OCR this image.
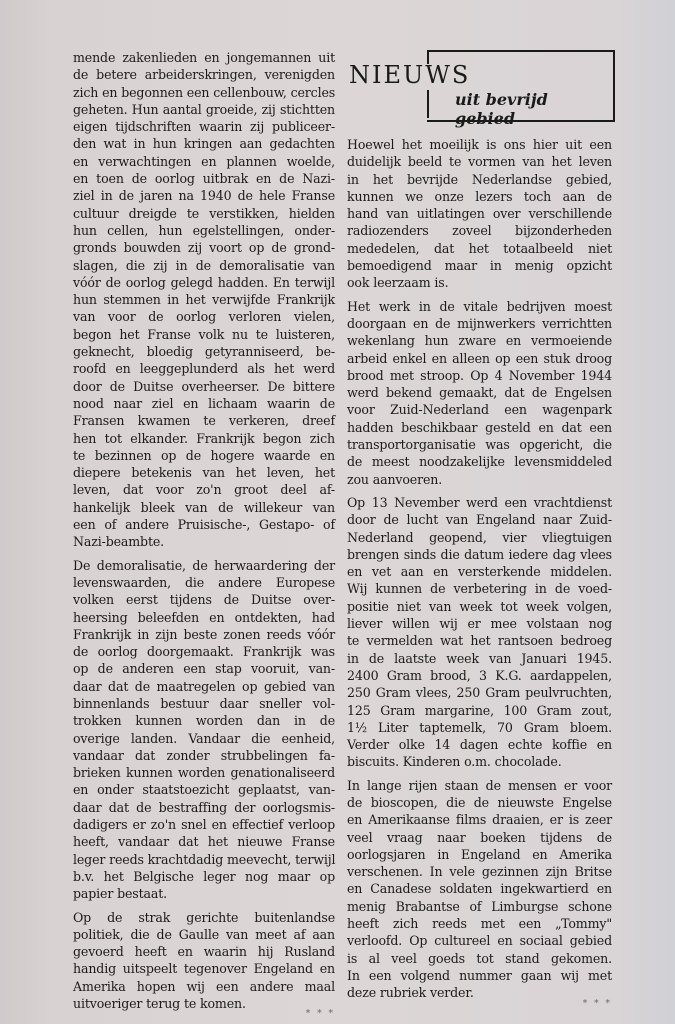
NIEUWS
uit bevrijd gebied
mende zakenlieden en jongemannen uit
de betere arbeiderskringen, verenigden
zich en begonnen een cellenbouw, cercles
geheten. Hun aantal groeide, zij stichtten
eigen tijdschriften waarin zij publiceer-
den wat in hun kringen aan gedachten
en verwachtingen en plannen woelde,
en toen de oorlog uitbrak en de Nazi-
ziel in de jaren na 1940 de hele Franse
cultuur dreigde te verstikken, hielden
hun cellen, hun egelstellingen, onder-
gronds bouwden zij voort op de grond-
slagen, die zij in de demoralisatie van
vóór de oorlog gelegd hadden. En terwijl
hun stemmen in het verwijfde Frankrijk
van voor de oorlog verloren vielen,
begon het Franse volk nu te luisteren,
geknecht, bloedig getyranniseerd, be-
roofd en leeggeplunderd als het werd
door de Duitse overheerser. De bittere
nood naar ziel en lichaam waarin de
Fransen kwamen te verkeren, dreef
hen tot elkander. Frankrijk begon zich
te bezinnen op de hogere waarde en
diepere betekenis van het leven, het
leven, dat voor zo'n groot deel af-
hankelijk bleek van de willekeur van
een of andere Pruisische-, Gestapo- of
Nazi-beambte.
De demoralisatie, de herwaardering der
levenswaarden, die andere Europese
volken eerst tijdens de Duitse over-
heersing beleefden en ontdekten, had
Frankrijk in zijn beste zonen reeds vóór
de oorlog doorgemaakt. Frankrijk was
op de anderen een stap vooruit, van-
daar dat de maatregelen op gebied van
binnenlands bestuur daar sneller vol-
trokken kunnen worden dan in de
overige landen. Vandaar die eenheid,
vandaar dat zonder strubbelingen fa-
brieken kunnen worden genationaliseerd
en onder staatstoezicht geplaatst, van-
daar dat de bestraffing der oorlogsmis-
dadigers er zo'n snel en effectief verloop
heeft, vandaar dat het nieuwe Franse
leger reeds krachtdadig meevecht, terwijl
b.v. het Belgische leger nog maar op
papier bestaat.
Op de strak gerichte buitenlandse
politiek, die de Gaulle van meet af aan
gevoerd heeft en waarin hij Rusland
handig uitspeelt tegenover Engeland en
Amerika hopen wij een andere maal
uitvoeriger terug te komen.
* * *
Hoewel het moeilijk is ons hier uit een
duidelijk beeld te vormen van het leven
in het bevrijde Nederlandse gebied,
kunnen we onze lezers toch aan de
hand van uitlatingen over verschillende
radiozenders zoveel bijzonderheden
mededelen, dat het totaalbeeld niet
bemoedigend maar in menig opzicht
ook leerzaam is.
Het werk in de vitale bedrijven moest
doorgaan en de mijnwerkers verrichtten
wekenlang hun zware en vermoeiende
arbeid enkel en alleen op een stuk droog
brood met stroop. Op 4 November 1944
werd bekend gemaakt, dat de Engelsen
voor Zuid-Nederland een wagenpark
hadden beschikbaar gesteld en dat een
transportorganisatie was opgericht, die
de meest noodzakelijke levensmiddeled
zou aanvoeren.
Op 13 Nevember werd een vrachtdienst
door de lucht van Engeland naar Zuid-
Nederland geopend, vier vliegtuigen
brengen sinds die datum iedere dag vlees
en vet aan en versterkende middelen.
Wij kunnen de verbetering in de voed-
positie niet van week tot week volgen,
liever willen wij er mee volstaan nog
te vermelden wat het rantsoen bedroeg
in de laatste week van Januari 1945.
2400 Gram brood, 3 K.G. aardappelen,
250 Gram vlees, 250 Gram peulvruchten,
125 Gram margarine, 100 Gram zout,
1½ Liter taptemelk, 70 Gram bloem.
Verder olke 14 dagen echte koffie en
biscuits. Kinderen o.m. chocolade.
In lange rijen staan de mensen er voor
de bioscopen, die de nieuwste Engelse
en Amerikaanse films draaien, er is zeer
veel vraag naar boeken tijdens de
oorlogsjaren in Engeland en Amerika
verschenen. In vele gezinnen zijn Britse
en Canadese soldaten ingekwartierd en
menig Brabantse of Limburgse schone
heeft zich reeds met een „Tommy"
verloofd. Op cultureel en sociaal gebied
is al veel goeds tot stand gekomen.
In een volgend nummer gaan wij met
deze rubriek verder.
* * *
